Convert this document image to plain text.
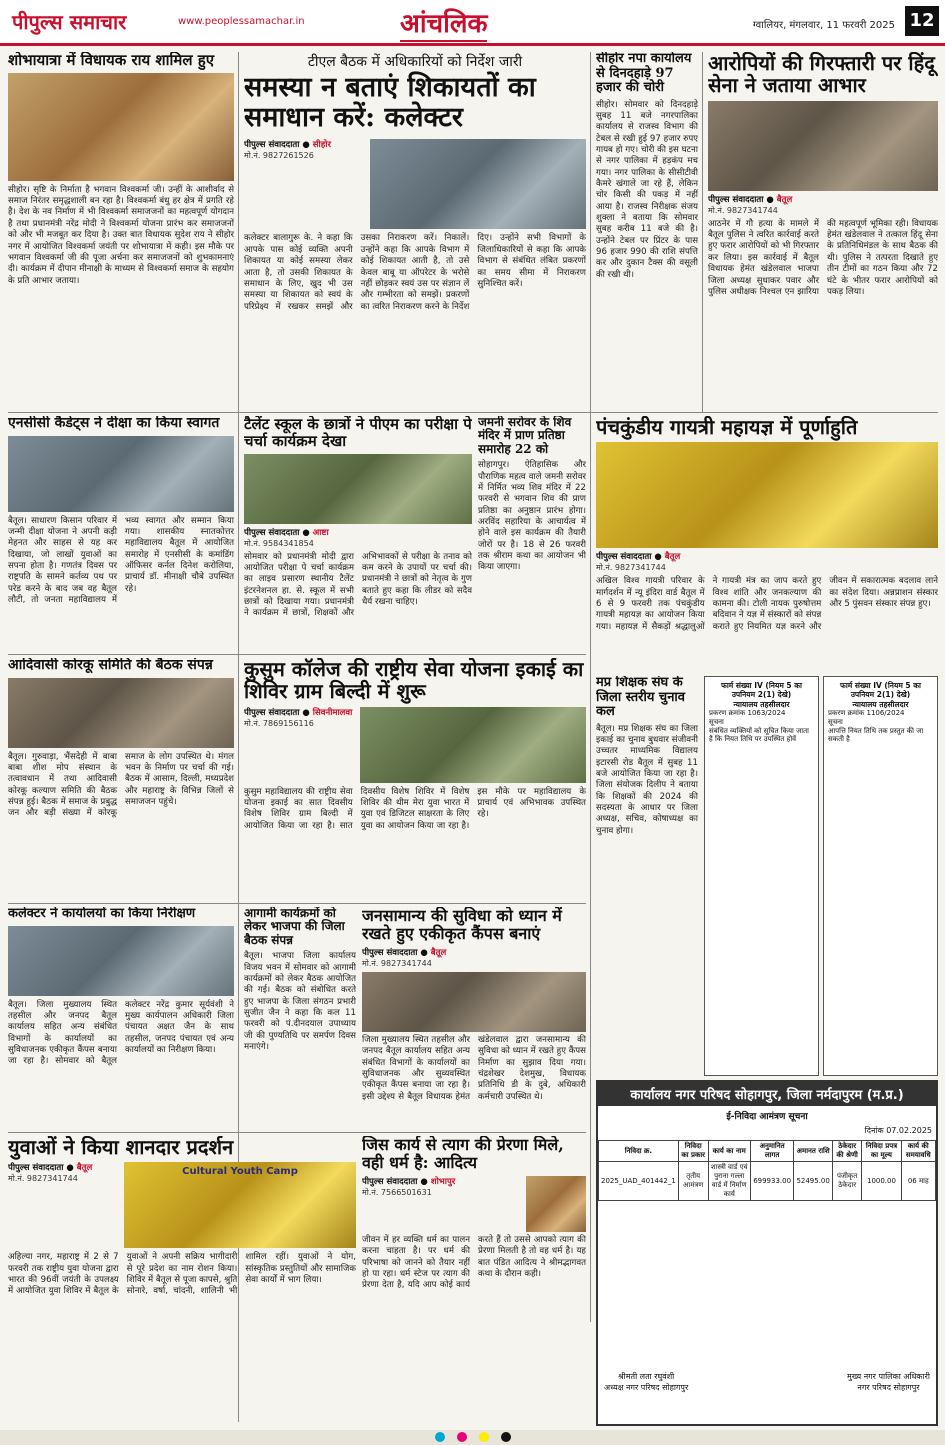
पीपुल्स समाचार	www.peoplessamachar.in	आंचलिक	ग्वालियर, मंगलवार, 11 फरवरी 2025 12
शोभायात्रा में विधायक राय शामिल हुए
सीहोर। सृष्टि के निर्माता है भगवान विश्वकर्मा जी। उन्हीं के आशीर्वाद से समाज निरंतर समृद्धशाली बन रहा है। विश्वकर्मा बंधु हर क्षेत्र में प्रगति रहे है। देश के नव निर्माण में भी विश्वकर्मा समाजजनों का महत्वपूर्ण योगदान है तथा प्रधानमंत्री नरेंद्र मोदी ने विश्वकर्मा योजना प्रारंभ कर समाजजनों को और भी मजबूत कर दिया है। उक्त बात विधायक सुदेश राय ने सीहोर नगर में आयोजित विश्वकर्मा जयंती पर शोभायात्रा में कही। इस मौके पर भगवान विश्वकर्मा जी की पूजा अर्चना कर समाजजनों को शुभकामनाएं दी। कार्यक्रम में दीपान मीनाक्षी के माध्यम से विश्वकर्मा समाज के सहयोग के प्रति आभार जताया।
टीएल बैठक में अधिकारियों को निर्देश जारी
समस्या न बताएं शिकायतों का समाधान करें: कलेक्टर
पीपुल्स संवाददाता ● सीहोर
मो.नं. 9827261526
कलेक्टर बालागुरू के. ने कहा कि आपके पास कोई व्यक्ति अपनी शिकायत या कोई समस्या लेकर आता है, तो उसकी शिकायत के समाधान के लिए, खुद भी उस समस्या या शिकायत को स्वयं के परिप्रेक्ष्य में रखकर समझें और उसका निराकरण करें। निकालें। उन्होंने कहा कि आपके विभाग में कोई शिकायत आती है, तो उसे केवल बाबू या ऑपरेटर के भरोसे नहीं छोड़कर स्वयं उस पर संज्ञान लें और गम्भीरता को समझें। प्रकरणों का त्वरित निराकरण करने के निर्देश दिए। उन्होंने सभी विभागों के जिलाधिकारियों से कहा कि आपके विभाग से संबंधित लंबित प्रकरणों का समय सीमा में निराकरण सुनिश्चित करें।
सीहोर नपा कार्यालय से दिनदहाड़े 97 हजार की चोरी
सीहोर। सोमवार को दिनदहाड़े सुबह 11 बजे नगरपालिका कार्यालय से राजस्व विभाग की टेबल से रखी हुई 97 हजार रुपए गायब हो गए। चोरी की इस घटना से नगर पालिका में हड़कंप मच गया। नगर पालिका के सीसीटीवी कैमरे खंगाले जा रहे हैं, लेकिन चोर किसी की पकड़ में नहीं आया है। राजस्व निरीक्षक संजय शुक्ला ने बताया कि सोमवार सुबह करीब 11 बजे की है। उन्होंने टेबल पर प्रिंटर के पास 96 हजार 990 की राशि संपत्ति कर और दुकान टैक्स की वसूली की रखी थी।
आरोपियों की गिरफ्तारी पर हिंदू सेना ने जताया आभार
पीपुल्स संवाददाता ● बैतूल
मो.नं. 9827341744
आठनेर में गौ हत्या के मामले में बैतूल पुलिस ने त्वरित कार्रवाई करते हुए फरार आरोपियों को भी गिरफ्तार कर लिया। इस कार्रवाई में बैतूल विधायक हेमंत खंडेलवाल भाजपा जिला अध्यक्ष सुधाकर पवार और पुलिस अधीक्षक निश्चल एन झारिया की महत्वपूर्ण भूमिका रही। विधायक हेमंत खंडेलवाल ने तत्काल हिंदू सेना के प्रतिनिधिमंडल के साथ बैठक की थी। पुलिस ने तत्परता दिखाते हुए तीन टीमों का गठन किया और 72 घंटे के भीतर फरार आरोपियों को पकड़ लिया।
एनसीसी कैडेट्स ने दीक्षा का किया स्वागत
बैतूल। साधारण किसान परिवार में जन्मी दीक्षा योजना ने अपनी कड़ी मेहनत और साहस से यह कर दिखाया, जो लाखों युवाओं का सपना होता है। गणतंत्र दिवस पर राष्ट्रपति के सामने कर्तव्य पथ पर परेड करने के बाद जब वह बैतूल लौटी, तो जनता महाविद्यालय में भव्य स्वागत और सम्मान किया गया। शासकीय स्नातकोत्तर महाविद्यालय बैतूल में आयोजित समारोह में एनसीसी के कमांडिंग ऑफिसर कर्नल दिनेश करोलिया, प्राचार्य डॉ. मीनाक्षी चौबे उपस्थित रहे।
टैलेंट स्कूल के छात्रों ने पीएम का परीक्षा पे चर्चा कार्यक्रम देखा
पीपुल्स संवाददाता ● आष्टा
मो.नं. 9584341854
सोमवार को प्रधानमंत्री मोदी द्वारा आयोजित परीक्षा पे चर्चा कार्यक्रम का लाइव प्रसारण स्थानीय टैलेंट इंटरनेशनल हा. से. स्कूल में सभी छात्रों को दिखाया गया। प्रधानमंत्री ने कार्यक्रम में छात्रों, शिक्षकों और अभिभावकों से परीक्षा के तनाव को कम करने के उपायों पर चर्चा की। प्रधानमंत्री ने छात्रों को नेतृत्व के गुण बताते हुए कहा कि लीडर को सदैव धैर्य रखना चाहिए।
जमनी सरोवर के शिव मंदिर में प्राण प्रतिष्ठा समारोह 22 को
सोहागपुर। ऐतिहासिक और पौराणिक महत्व वाले जमनी सरोवर में निर्मित भव्य शिव मंदिर में 22 फरवरी से भगवान शिव की प्राण प्रतिष्ठा का अनुष्ठान प्रारंभ होगा। अरविंद सहारिया के आचार्यत्व में होने वाले इस कार्यक्रम की तैयारी जोरों पर है। 18 से 26 फरवरी तक श्रीराम कथा का आयोजन भी किया जाएगा।
पंचकुंडीय गायत्री महायज्ञ में पूर्णाहुति
पीपुल्स संवाददाता ● बैतूल
मो.नं. 9827341744
अखिल विश्व गायत्री परिवार के मार्गदर्शन में न्यू इंदिरा वार्ड बैतूल में 6 से 9 फरवरी तक पंचकुंडीय गायत्री महायज्ञ का आयोजन किया गया। महायज्ञ में सैकड़ों श्रद्धालुओं ने गायत्री मंत्र का जाप करते हुए विश्व शांति और जनकल्याण की कामना की। टोली नायक पुरुषोत्तम बदिवान ने यज्ञ में संस्कारों को संपन्न कराते हुए नियमित यज्ञ करने और जीवन में सकारात्मक बदलाव लाने का संदेश दिया। अन्नप्राशन संस्कार और 5 पुंसवन संस्कार संपन्न हुए।
आदिवासी कोरकू समिति की बैठक संपन्न
बैतूल। गुरुवाड़ा, भैंसदेही में बाबा बाबा शीश मोप संस्थान के तत्वावधान में तथा आदिवासी कोरकू कल्याण समिति की बैठक संपन्न हुई। बैठक में समाज के प्रबुद्ध जन और बड़ी संख्या में कोरकू समाज के लोग उपस्थित थे। मंगल भवन के निर्माण पर चर्चा की गई। बैठक में आसाम, दिल्ली, मध्यप्रदेश और महाराष्ट्र के विभिन्न जिलों से समाजजन पहुंचे।
कुसुम कॉलेज की राष्ट्रीय सेवा योजना इकाई का शिविर ग्राम बिल्दी में शुरू
पीपुल्स संवाददाता ● सिवनीमालवा
मो.नं. 7869156116
कुसुम महाविद्यालय की राष्ट्रीय सेवा योजना इकाई का सात दिवसीय विशेष शिविर ग्राम बिल्दी में आयोजित किया जा रहा है। सात दिवसीय विशेष शिविर में विशेष शिविर की थीम मेरा युवा भारत में युवा एवं डिजिटल साक्षरता के लिए युवा का आयोजन किया जा रहा है। इस मौके पर महाविद्यालय के प्राचार्य एवं अभिभावक उपस्थित रहे।
मप्र शिक्षक संघ के जिला स्तरीय चुनाव कल
बैतूल। मप्र शिक्षक संघ का जिला इकाई का चुनाव बुधवार संजीवनी उच्चतर माध्यमिक विद्यालय इटारसी रोड बैतूल में सुबह 11 बजे आयोजित किया जा रहा है। जिला संयोजक दिलीप ने बताया कि शिक्षकों की 2024 की सदस्यता के आधार पर जिला अध्यक्ष, सचिव, कोषाध्यक्ष का चुनाव होगा।
फार्म संख्या IV (नियम 5 का उपनियम 2(1) देखे)
न्यायालय तहसीलदार
प्रकरण क्रमांक 1063/2024
सूचना
संबंधित व्यक्तियों को सूचित किया जाता है कि नियत तिथि पर उपस्थित होवें
फार्म संख्या IV (नियम 5 का उपनियम 2(1) देखे)
न्यायालय तहसीलदार
प्रकरण क्रमांक 1106/2024
सूचना
आपत्ति नियत तिथि तक प्रस्तुत की जा सकती है
कलेक्टर ने कार्यालयों का किया निरीक्षण
बैतूल। जिला मुख्यालय स्थित तहसील और जनपद बैतूल कार्यालय सहित अन्य संबंधित विभागों के कार्यालयों का सुविधाजनक एकीकृत कैंपस बनाया जा रहा है। सोमवार को बैतूल कलेक्टर नरेंद्र कुमार सूर्यवंशी ने मुख्य कार्यपालन अधिकारी जिला पंचायत अक्षत जैन के साथ तहसील, जनपद पंचायत एवं अन्य कार्यालयों का निरीक्षण किया।
आगामी कार्यक्रमों को लेकर भाजपा की जिला बैठक संपन्न
बैतूल। भाजपा जिला कार्यालय विजय भवन में सोमवार को आगामी कार्यक्रमों को लेकर बैठक आयोजित की गई। बैठक को संबोधित करते हुए भाजपा के जिला संगठन प्रभारी सुजीत जैन ने कहा कि कल 11 फरवरी को पं.दीनदयाल उपाध्याय जी की पुण्यतिथि पर समर्पण दिवस मनाएंगे।
जनसामान्य की सुविधा को ध्यान में रखते हुए एकीकृत कैंपस बनाएं
पीपुल्स संवाददाता ● बैतूल
मो.नं. 9827341744
जिला मुख्यालय स्थित तहसील और जनपद बैतूल कार्यालय सहित अन्य संबंधित विभागों के कार्यालयों का सुविधाजनक और सुव्यवस्थित एकीकृत कैंपस बनाया जा रहा है। इसी उद्देश्य से बैतूल विधायक हेमंत खंडेलवाल द्वारा जनसामान्य की सुविधा को ध्यान में रखते हुए कैंपस निर्माण का सुझाव दिया गया। चंद्रशेखर देशमुख, विधायक प्रतिनिधि डी के दुबे, अधिकारी कर्मचारी उपस्थित थे।
युवाओं ने किया शानदार प्रदर्शन
पीपुल्स संवाददाता ● बैतूल
मो.नं. 9827341744
Cultural Youth Camp
अहिल्या नगर, महाराष्ट्र में 2 से 7 फरवरी तक राष्ट्रीय युवा योजना द्वारा भारत की 96वीं जयंती के उपलक्ष्य में आयोजित युवा शिविर में बैतूल के युवाओं ने अपनी सक्रिय भागीदारी से पूरे प्रदेश का नाम रोशन किया। शिविर में बैतूल से पूजा कापसे, श्रुति सोनारे, वर्षा, चांदनी, शालिनी भी शामिल रहीं। युवाओं ने योग, सांस्कृतिक प्रस्तुतियों और सामाजिक सेवा कार्यों में भाग लिया।
जिस कार्य से त्याग की प्रेरणा मिले, वही धर्म है: आदित्य
पीपुल्स संवाददाता ● शोभापुर
मो.नं. 7566501631
जीवन में हर व्यक्ति धर्म का पालन करना चाहता है। पर धर्म की परिभाषा को जानने को तैयार नहीं हो पा रहा। धर्म स्टेज पर त्याग की प्रेरणा देता है, यदि आप कोई कार्य करते हैं तो उससे आपको त्याग की प्रेरणा मिलती है तो वह धर्म है। यह बात पंडित आदित्य ने श्रीमद्भागवत कथा के दौरान कही।
कार्यालय नगर परिषद सोहागपुर, जिला नर्मदापुरम (म.प्र.)
ई-निविदा आमंत्रण सूचना
दिनांक 07.02.2025
निविदा क्र.	निविदा का प्रकार	कार्य का नाम	अनुमानित लागत	अमानत राशि	ठेकेदार की श्रेणी	निविदा प्रपत्र का मूल्य	कार्य की समयावधि
2025_UAD_401442_1	तृतीय आमंत्रण	शास्त्री वार्ड एवं पुराना गल्ला वार्ड में निर्माण कार्य	699933.00	52495.00	पंजीकृत ठेकेदार	1000.00	06 माह
श्रीमती लता रघुवंशी
अध्यक्ष नगर परिषद सोहागपुर
मुख्य नगर पालिका अधिकारी
नगर परिषद सोहागपुर
